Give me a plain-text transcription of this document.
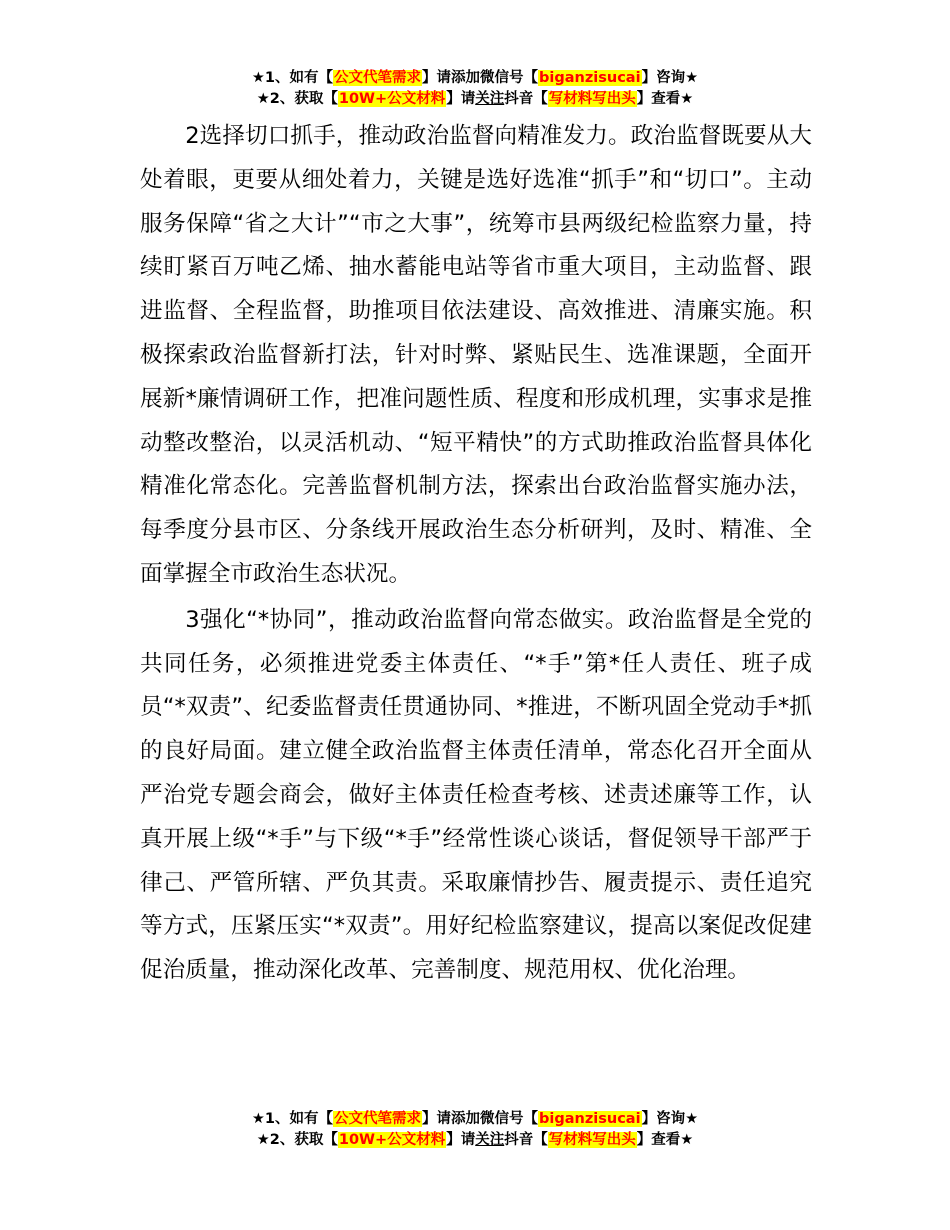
★1、如有【公文代笔需求】请添加微信号【biganzisucai】咨询★
★2、获取【10W+公文材料】请关注抖音【写材料写出头】查看★

2选择切口抓手，推动政治监督向精准发力。政治监督既要从大处着眼，更要从细处着力，关键是选好选准“抓手”和“切口”。主动服务保障“省之大计”“市之大事”，统筹市县两级纪检监察力量，持续盯紧百万吨乙烯、抽水蓄能电站等省市重大项目，主动监督、跟进监督、全程监督，助推项目依法建设、高效推进、清廉实施。积极探索政治监督新打法，针对时弊、紧贴民生、选准课题，全面开展新*廉情调研工作，把准问题性质、程度和形成机理，实事求是推动整改整治，以灵活机动、“短平精快”的方式助推政治监督具体化精准化常态化。完善监督机制方法，探索出台政治监督实施办法，每季度分县市区、分条线开展政治生态分析研判，及时、精准、全面掌握全市政治生态状况。

3强化“*协同”，推动政治监督向常态做实。政治监督是全党的共同任务，必须推进党委主体责任、“*手”第*任人责任、班子成员“*双责”、纪委监督责任贯通协同、*推进，不断巩固全党动手*抓的良好局面。建立健全政治监督主体责任清单，常态化召开全面从严治党专题会商会，做好主体责任检查考核、述责述廉等工作，认真开展上级“*手”与下级“*手”经常性谈心谈话，督促领导干部严于律己、严管所辖、严负其责。采取廉情抄告、履责提示、责任追究等方式，压紧压实“*双责”。用好纪检监察建议，提高以案促改促建促治质量，推动深化改革、完善制度、规范用权、优化治理。

★1、如有【公文代笔需求】请添加微信号【biganzisucai】咨询★
★2、获取【10W+公文材料】请关注抖音【写材料写出头】查看★
